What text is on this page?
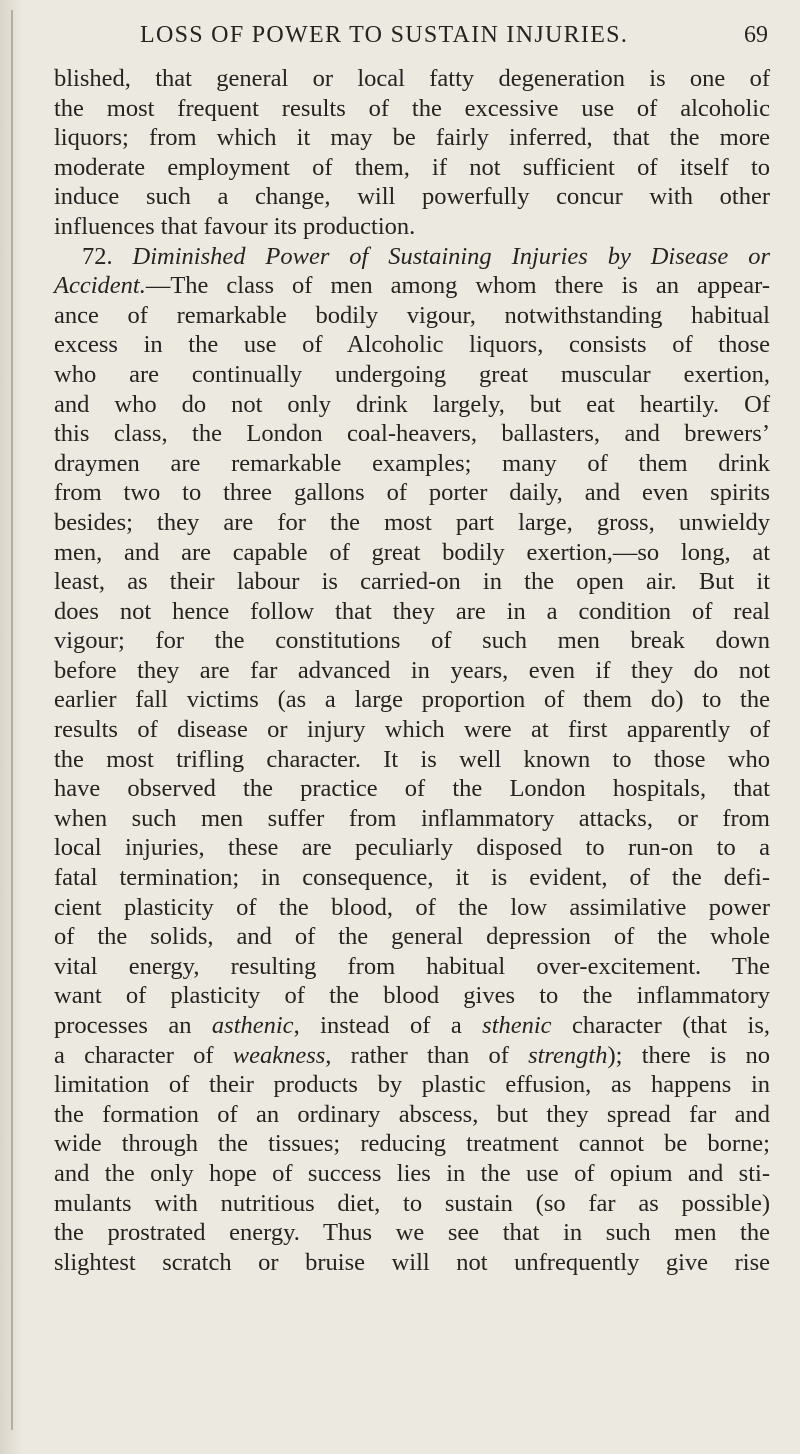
LOSS OF POWER TO SUSTAIN INJURIES.	69
blished, that general or local fatty degeneration is one of
the most frequent results of the excessive use of alcoholic
liquors; from which it may be fairly inferred, that the more
moderate employment of them, if not sufficient of itself to
induce such a change, will powerfully concur with other
influences that favour its production.
72. Diminished Power of Sustaining Injuries by Disease or
Accident.—The class of men among whom there is an appear-
ance of remarkable bodily vigour, notwithstanding habitual
excess in the use of Alcoholic liquors, consists of those
who are continually undergoing great muscular exertion,
and who do not only drink largely, but eat heartily. Of
this class, the London coal-heavers, ballasters, and brewers’
draymen are remarkable examples; many of them drink
from two to three gallons of porter daily, and even spirits
besides; they are for the most part large, gross, unwieldy
men, and are capable of great bodily exertion,—so long, at
least, as their labour is carried-on in the open air. But it
does not hence follow that they are in a condition of real
vigour; for the constitutions of such men break down
before they are far advanced in years, even if they do not
earlier fall victims (as a large proportion of them do) to the
results of disease or injury which were at first apparently of
the most trifling character. It is well known to those who
have observed the practice of the London hospitals, that
when such men suffer from inflammatory attacks, or from
local injuries, these are peculiarly disposed to run-on to a
fatal termination; in consequence, it is evident, of the defi-
cient plasticity of the blood, of the low assimilative power
of the solids, and of the general depression of the whole
vital energy, resulting from habitual over-excitement. The
want of plasticity of the blood gives to the inflammatory
processes an asthenic, instead of a sthenic character (that is,
a character of weakness, rather than of strength); there is no
limitation of their products by plastic effusion, as happens in
the formation of an ordinary abscess, but they spread far and
wide through the tissues; reducing treatment cannot be borne;
and the only hope of success lies in the use of opium and sti-
mulants with nutritious diet, to sustain (so far as possible)
the prostrated energy. Thus we see that in such men the
slightest scratch or bruise will not unfrequently give rise
